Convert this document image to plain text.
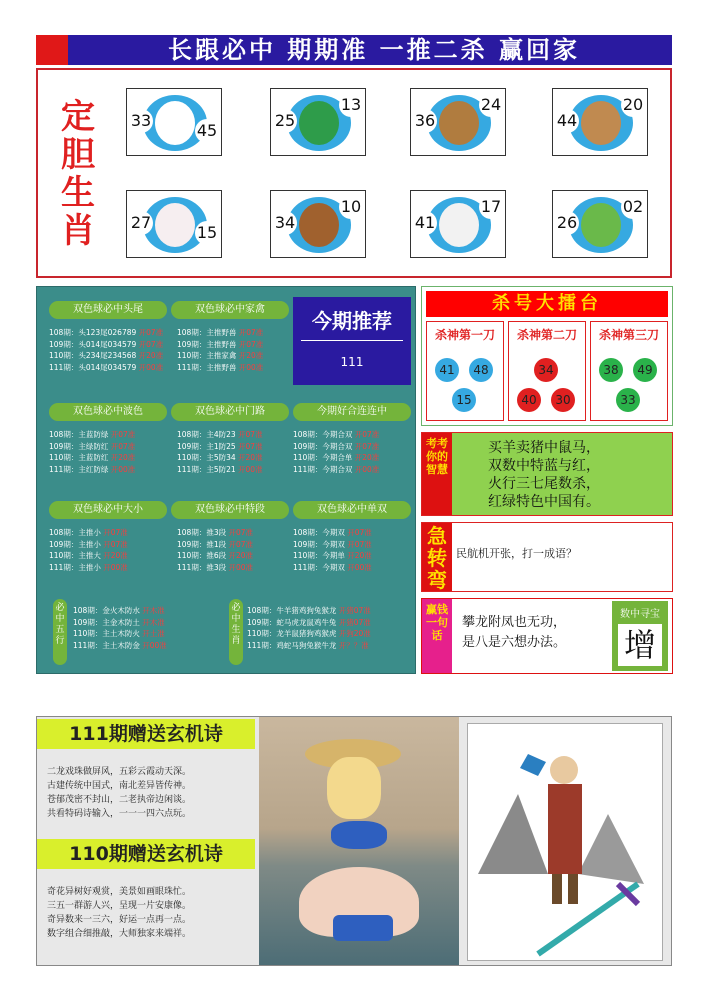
长跟必中 期期准 一推二杀 赢回家
定胆生肖
33
45
25
13
36
24
44
20
27
15
34
10
41
17
26
02
双色球必中头尾	双色球必中家禽	今期推荐
111
108期：头123尾026789 开07准
109期：头014尾034579 开07准
110期：头234尾234568 开20准
111期：头014尾034579 开00准
108期：主推野兽 开07准
109期：主推野兽 开07准
110期：主推家禽 开20准
111期：主推野兽 开00准
双色球必中波色	双色球必中门路	今期好合连连中
108期：主蓝防绿 开07准
109期：主绿防红 开07准
110期：主蓝防红 开20准
111期：主红防绿 开00准
108期：主4防23 开07准
109期：主1防25 开07准
110期：主5防34 开20准
111期：主5防21 开00准
108期：今期合双 开07准
109期：今期合双 开07准
110期：今期合单 开20准
111期：今期合双 开00准
双色球必中大小	双色球必中特段	双色球必中单双
108期：主推小 开07准
109期：主推小 开07准
110期：主推大 开20准
111期：主推小 开00准
108期：推3段 开07准
109期：推1段 开07准
110期：推6段 开20准
111期：推3段 开00准
108期：今期双 开07准
109期：今期双 开07准
110期：今期单 开20准
111期：今期双 开00准
必中五行
108期：金火木防水 开木准
109期：主金木防土 开木准
110期：主土木防火 开土准
111期：主土木防金 开00准
必中生肖
108期：牛羊猪鸡狗兔猴龙 开猪07准
109期：蛇马虎龙鼠鸡牛兔 开猪07准
110期：龙羊鼠猪狗鸡猴虎 开狗20准
111期：鸡蛇马狗兔猴牛龙 开？？准
杀号大擂台
杀神第一刀
41	48
15
杀神第二刀
34
40	30
杀神第三刀
38	49
33
考考你的智慧
买羊卖猪中鼠马，
双数中特蓝与红，
火行三七尾数杀，
红绿特色中国有。
急转弯
民航机开张，打一成语？
赢钱一句话
攀龙附凤也无功，
是八是六想办法。
数中寻宝
增
111期赠送玄机诗
二龙戏珠做屏风，五彩云霞动天深。
古建传统中国式，南北差异皆传神。
苍郁茂密不封山，二老执帝边闲谈。
共看特码诗输入，一一一四六点玩。
110期赠送玄机诗
奇花异树好观赏，美景如画眼珠忙。
三五一群游人兴，呈现一片安康像。
奇异数来一三六，好运一点再一点。
数字组合细推敲，大师独家来端祥。
